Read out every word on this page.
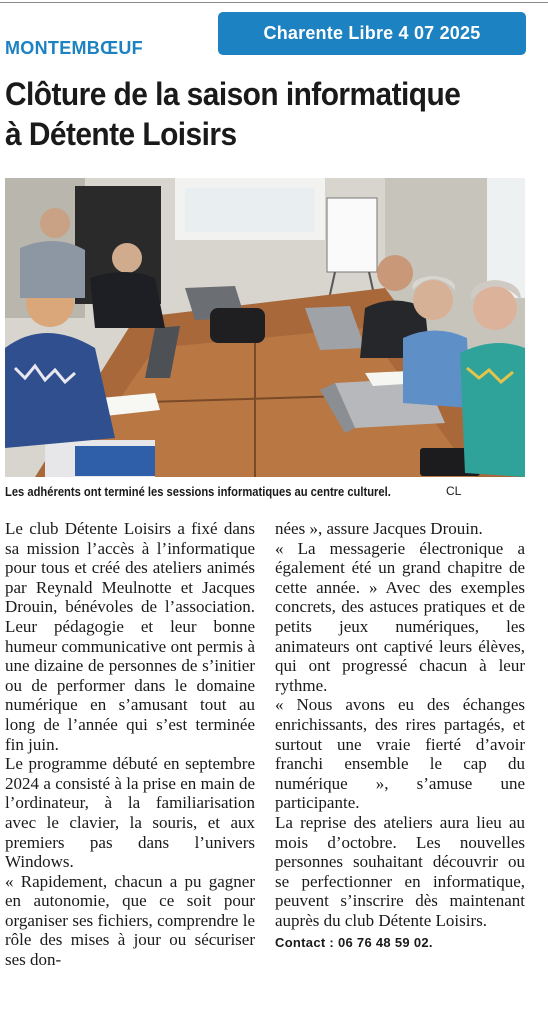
Charente Libre 4 07 2025
MONTEMBŒUF
Clôture de la saison informatique
à Détente Loisirs
Les adhérents ont terminé les sessions informatiques au centre culturel.	CL

Le club Détente Loisirs a fixé dans sa mission l’accès à l’informatique pour tous et créé des ateliers animés par Reynald Meulnotte et Jacques Drouin, bénévoles de l’association. Leur pédagogie et leur bonne humeur communicative ont permis à une dizaine de personnes de s’initier ou de performer dans le domaine numérique en s’amusant tout au long de l’année qui s’est terminée fin juin.

Le programme débuté en septembre 2024 a consisté à la prise en main de l’ordinateur, à la familiarisation avec le clavier, la souris, et aux premiers pas dans l’univers Windows.

« Rapidement, chacun a pu gagner en autonomie, que ce soit pour organiser ses fichiers, comprendre le rôle des mises à jour ou sécuriser ses don-

nées », assure Jacques Drouin.

« La messagerie électronique a également été un grand chapitre de cette année. » Avec des exemples concrets, des astuces pratiques et de petits jeux numériques, les animateurs ont captivé leurs élèves, qui ont progressé chacun à leur rythme.

« Nous avons eu des échanges enrichissants, des rires partagés, et surtout une vraie fierté d’avoir franchi ensemble le cap du numérique », s’amuse une participante.

La reprise des ateliers aura lieu au mois d’octobre. Les nouvelles personnes souhaitant découvrir ou se perfectionner en informatique, peuvent s’inscrire dès maintenant auprès du club Détente Loisirs.

Contact : 06 76 48 59 02.
